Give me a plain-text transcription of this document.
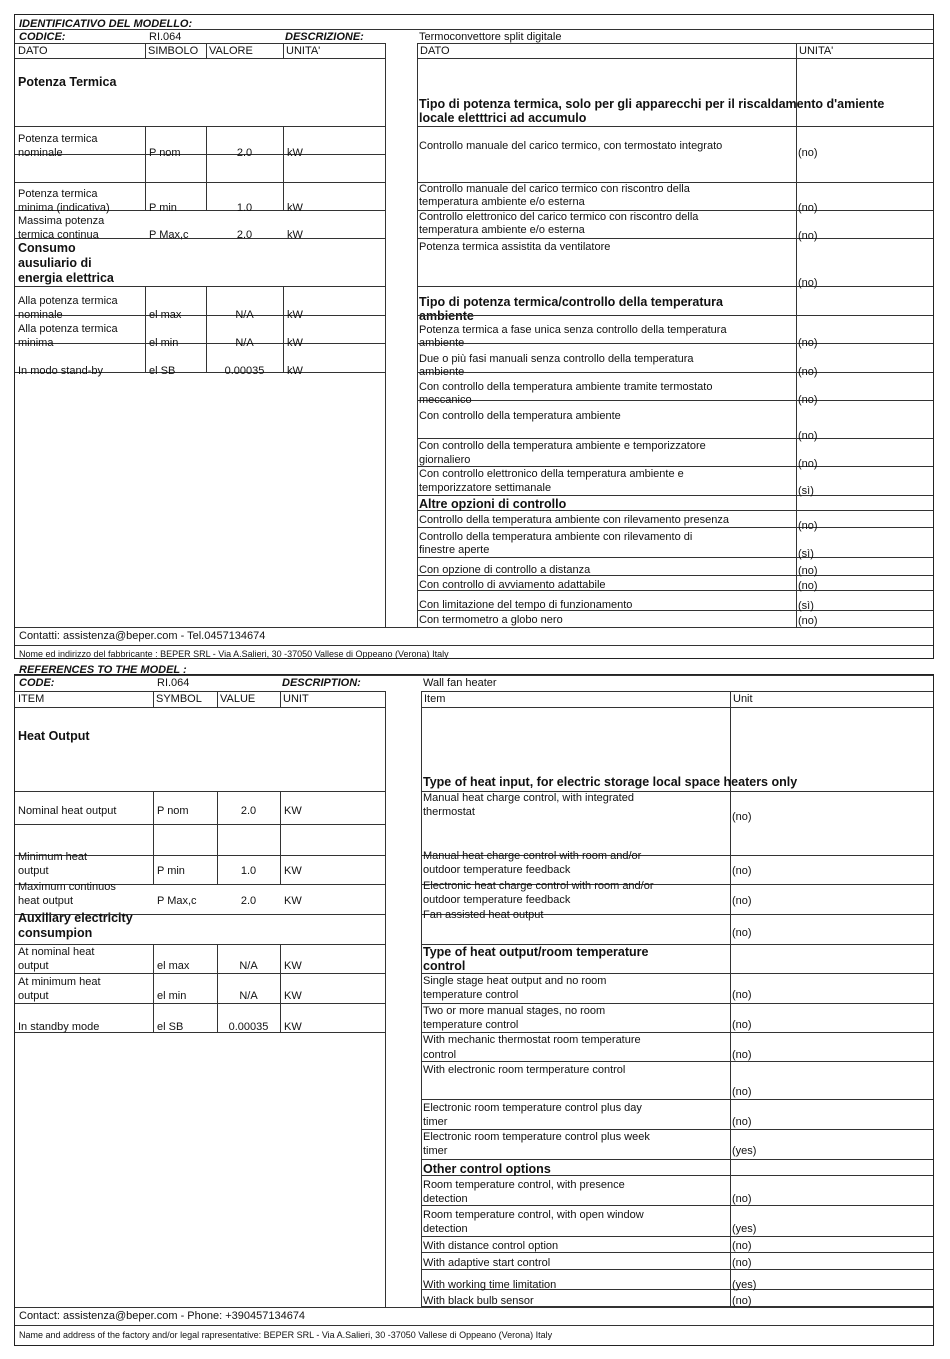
IDENTIFICATIVO DEL MODELLO:
CODICE:	RI.064	DESCRIZIONE:	Termoconvettore split digitale
DATO	SIMBOLO VALORE	UNITA'	DATO	UNITA'
Potenza Termica
Consumo
ausuliario di
energia elettrica
Potenza termica
nominale	P nom	2.0	kW
Potenza termica
minima (indicativa)	P min	1.0	kW
Massima potenza
termica continua	P Max,c	2.0	kW
Alla potenza termica
nominale	el max	N/A	kW
Alla potenza termica
minima	el min	N/A	kW
In modo stand-by	el SB	0.00035	kW
Tipo di potenza termica, solo per gli apparecchi per il riscaldamento d'amiente
locale eletttrici ad accumulo
Controllo manuale del carico termico, con termostato integrato
(no)
Controllo manuale del carico termico con riscontro della
temperatura ambiente e/o esterna	(no)
Controllo elettronico del carico termico con riscontro della
temperatura ambiente e/o esterna	(no)
Potenza termica assistita da ventilatore
(no)
Tipo di potenza termica/controllo della temperatura
ambiente
Potenza termica a fase unica senza controllo della temperatura
ambiente	(no)
Due o più fasi manuali senza controllo della temperatura
ambiente	(no)
Con controllo della temperatura ambiente tramite termostato
meccanico	(no)
Con controllo della temperatura ambiente
(no)
Con controllo della temperatura ambiente e temporizzatore
giornaliero	(no)
Con controllo elettronico della temperatura ambiente e
temporizzatore settimanale	(sì)
Altre opzioni di controllo
Controllo della temperatura ambiente con rilevamento presenza	(no)
Controllo della temperatura ambiente con rilevamento di
finestre aperte	(sì)
Con opzione di controllo a distanza	(no)
Con controllo di avviamento adattabile	(no)
Con limitazione del tempo di funzionamento	(sì)
Con termometro a globo nero	(no)
Contatti: assistenza@beper.com - Tel.0457134674
Nome ed indirizzo del fabbricante : BEPER SRL - Via A.Salieri, 30 -37050 Vallese di Oppeano (Verona) Italy
REFERENCES TO THE MODEL :
CODE:	RI.064	DESCRIPTION:	Wall fan heater
ITEM	SYMBOL VALUE	UNIT	Item	Unit
Heat Output
Auxiliary electricity
consumpion
Nominal heat output	P nom	2.0	KW
Minimum heat
output	P min	1.0	KW
Maximum continuos
heat output	P Max,c	2.0	KW
At nominal heat
output	el max	N/A	KW
At minimum heat
output	el min	N/A	KW
In standby mode	el SB	0.00035	KW
Type of heat input, for electric storage local space heaters only
Manual heat charge control, with integrated
thermostat	(no)
Manual heat charge control with room and/or
outdoor temperature feedback	(no)
Electronic heat charge control with room and/or
outdoor temperature feedback	(no)
Fan assisted heat output
(no)
Type of heat output/room temperature
control
Single stage heat output and no room
temperature control	(no)
Two or more manual stages, no room
temperature control	(no)
With mechanic thermostat room temperature
control	(no)
With electronic room termperature control
(no)
Electronic room temperature control plus day
timer	(no)
Electronic room temperature control plus week
timer	(yes)
Other control options
Room temperature control, with presence
detection	(no)
Room temperature control, with open window
detection	(yes)
With distance control option	(no)
With adaptive start control	(no)
With working time limitation	(yes)
With black bulb sensor	(no)
Contact: assistenza@beper.com - Phone: +390457134674
Name and address of the factory and/or legal rapresentative: BEPER SRL - Via A.Salieri, 30 -37050 Vallese di Oppeano (Verona) Italy
